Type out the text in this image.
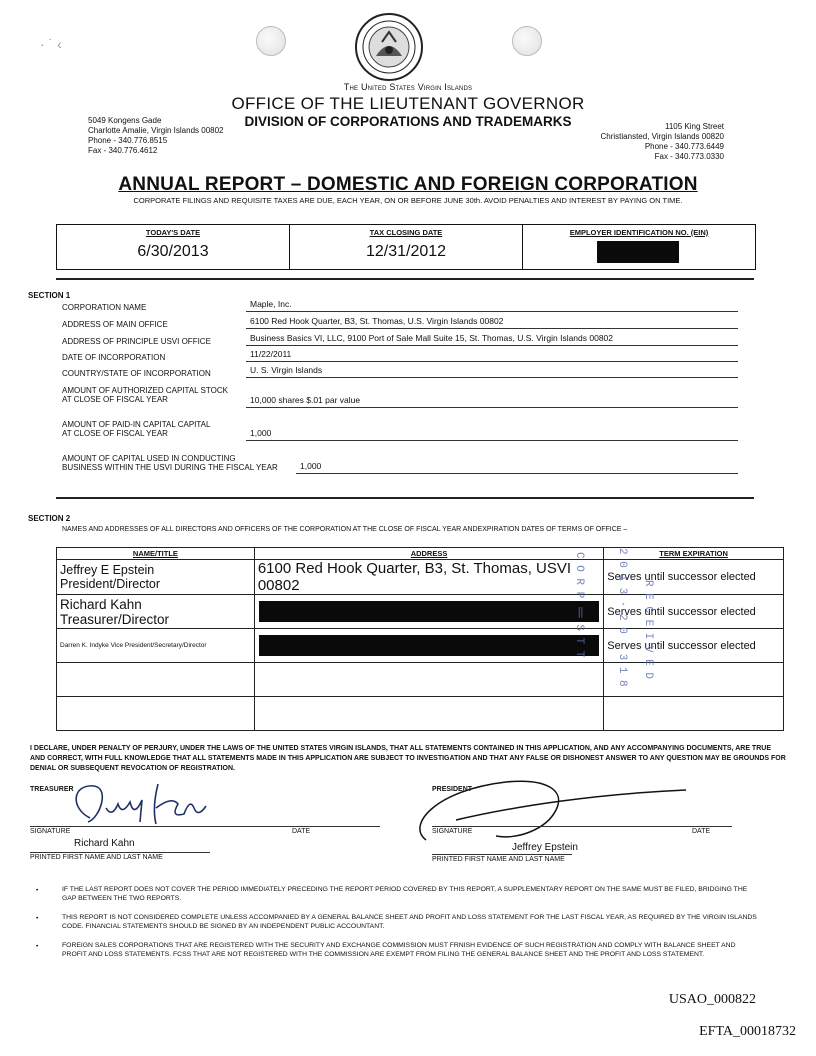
· ˙ ‹
The United States Virgin Islands
OFFICE OF THE LIEUTENANT GOVERNOR
DIVISION OF CORPORATIONS AND TRADEMARKS
5049 Kongens Gade
Charlotte Amalie, Virgin Islands 00802
Phone - 340.776.8515
Fax - 340.776.4612
1105 King Street
Christiansted, Virgin Islands 00820
Phone - 340.773.6449
Fax - 340.773.0330
ANNUAL REPORT – DOMESTIC AND FOREIGN CORPORATION
CORPORATE FILINGS AND REQUISITE TAXES ARE DUE, EACH YEAR, ON OR BEFORE JUNE 30th. AVOID PENALTIES AND INTEREST BY PAYING ON TIME.
TODAY'S DATE
6/30/2013
TAX CLOSING DATE
12/31/2012
EMPLOYER IDENTIFICATION NO. (EIN)
SECTION 1
CORPORATION NAME	Maple, Inc.
ADDRESS OF MAIN OFFICE	6100 Red Hook Quarter, B3, St. Thomas, U.S. Virgin Islands 00802
ADDRESS OF PRINCIPLE USVI OFFICE	Business Basics VI, LLC, 9100 Port of Sale Mall Suite 15, St. Thomas, U.S. Virgin Islands 00802
DATE OF INCORPORATION	11/22/2011
COUNTRY/STATE OF INCORPORATION	U. S. Virgin Islands
AMOUNT OF AUTHORIZED CAPITAL STOCK
AT CLOSE OF FISCAL YEAR	10,000 shares $.01 par value
AMOUNT OF PAID-IN CAPITAL CAPITAL
AT CLOSE OF FISCAL YEAR	1,000
AMOUNT OF CAPITAL USED IN CONDUCTING
BUSINESS WITHIN THE USVI DURING THE FISCAL YEAR	1,000
SECTION 2
NAMES AND ADDRESSES OF ALL DIRECTORS AND OFFICERS OF THE CORPORATION AT THE CLOSE OF FISCAL YEAR ANDEXPIRATION DATES OF TERMS OF OFFICE –
NAME/TITLE	ADDRESS	TERM EXPIRATION
Jeffrey E Epstein President/Director	6100 Red Hook Quarter, B3, St. Thomas, USVI 00802	Serves until successor elected
Richard Kahn Treasurer/Director		Serves until successor elected
Darren K. Indyke Vice President/Secretary/Director		Serves until successor elected

C O R P ‖ S T T	2 0 1 3 · 2 0 · 3 1 8	R E C E I V E D
I DECLARE, UNDER PENALTY OF PERJURY, UNDER THE LAWS OF THE UNITED STATES VIRGIN ISLANDS, THAT ALL STATEMENTS CONTAINED IN THIS APPLICATION, AND ANY ACCOMPANYING DOCUMENTS, ARE TRUE AND CORRECT, WITH FULL KNOWLEDGE THAT ALL STATEMENTS MADE IN THIS APPLICATION ARE SUBJECT TO INVESTIGATION AND THAT ANY FALSE OR DISHONEST ANSWER TO ANY QUESTION MAY BE GROUNDS FOR DENIAL OR SUBSEQUENT REVOCATION OF REGISTRATION.
TREASURER	PRESIDENT
SIGNATURE	DATE	SIGNATURE	DATE
Richard Kahn	Jeffrey Epstein
PRINTED FIRST NAME AND LAST NAME	PRINTED FIRST NAME AND LAST NAME
•	IF THE LAST REPORT DOES NOT COVER THE PERIOD IMMEDIATELY PRECEDING THE REPORT PERIOD COVERED BY THIS REPORT, A SUPPLEMENTARY REPORT ON THE SAME MUST BE FILED, BRIDGING THE GAP BETWEEN THE TWO REPORTS.
•	THIS REPORT IS NOT CONSIDERED COMPLETE UNLESS ACCOMPANIED BY A GENERAL BALANCE SHEET AND PROFIT AND LOSS STATEMENT FOR THE LAST FISCAL YEAR, AS REQUIRED BY THE VIRGIN ISLANDS CODE. FINANCIAL STATEMENTS SHOULD BE SIGNED BY AN INDEPENDENT PUBLIC ACCOUNTANT.
•	FOREIGN SALES CORPORATIONS THAT ARE REGISTERED WITH THE SECURITY AND EXCHANGE COMMISSION MUST FRNISH EVIDENCE OF SUCH REGISTRATION AND COMPLY WITH BALANCE SHEET AND PROFIT AND LOSS STATEMENTS. FCSS THAT ARE NOT REGISTERED WITH THE COMMISSION ARE EXEMPT FROM FILING THE GENERAL BALANCE SHEET AND THE PROFIT AND LOSS STATEMENT.
USAO_000822
EFTA_00018732
